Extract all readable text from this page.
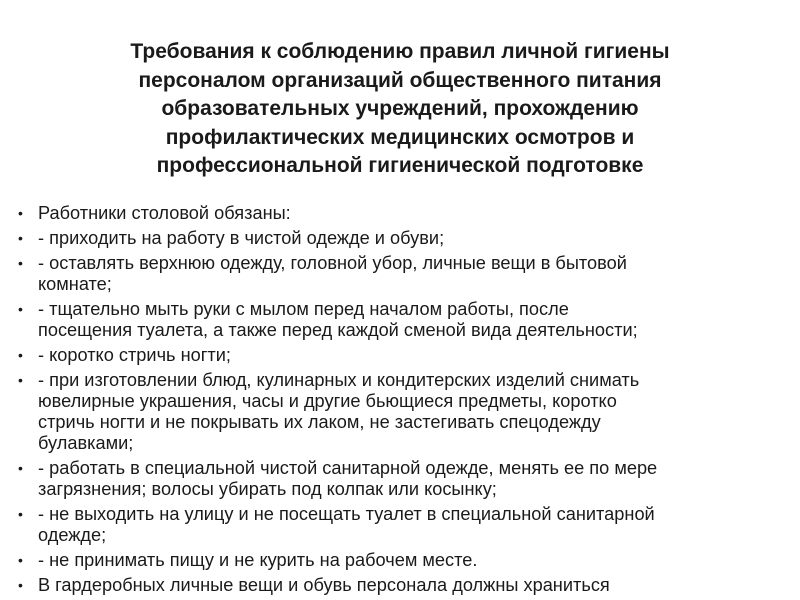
Требования к соблюдению правил личной гигиены
персоналом организаций общественного питания
образовательных учреждений, прохождению
профилактических медицинских осмотров и
профессиональной гигиенической подготовке
• Работники столовой обязаны:
• - приходить на работу в чистой одежде и обуви;
• - оставлять верхнюю одежду, головной убор, личные вещи в бытовой
комнате;
• - тщательно мыть руки с мылом перед началом работы, после
посещения туалета, а также перед каждой сменой вида деятельности;
• - коротко стричь ногти;
• - при изготовлении блюд, кулинарных и кондитерских изделий снимать
ювелирные украшения, часы и другие бьющиеся предметы, коротко
стричь ногти и не покрывать их лаком, не застегивать спецодежду
булавками;
• - работать в специальной чистой санитарной одежде, менять ее по мере
загрязнения; волосы убирать под колпак или косынку;
• - не выходить на улицу и не посещать туалет в специальной санитарной
одежде;
• - не принимать пищу и не курить на рабочем месте.
• В гардеробных личные вещи и обувь персонала должны храниться
